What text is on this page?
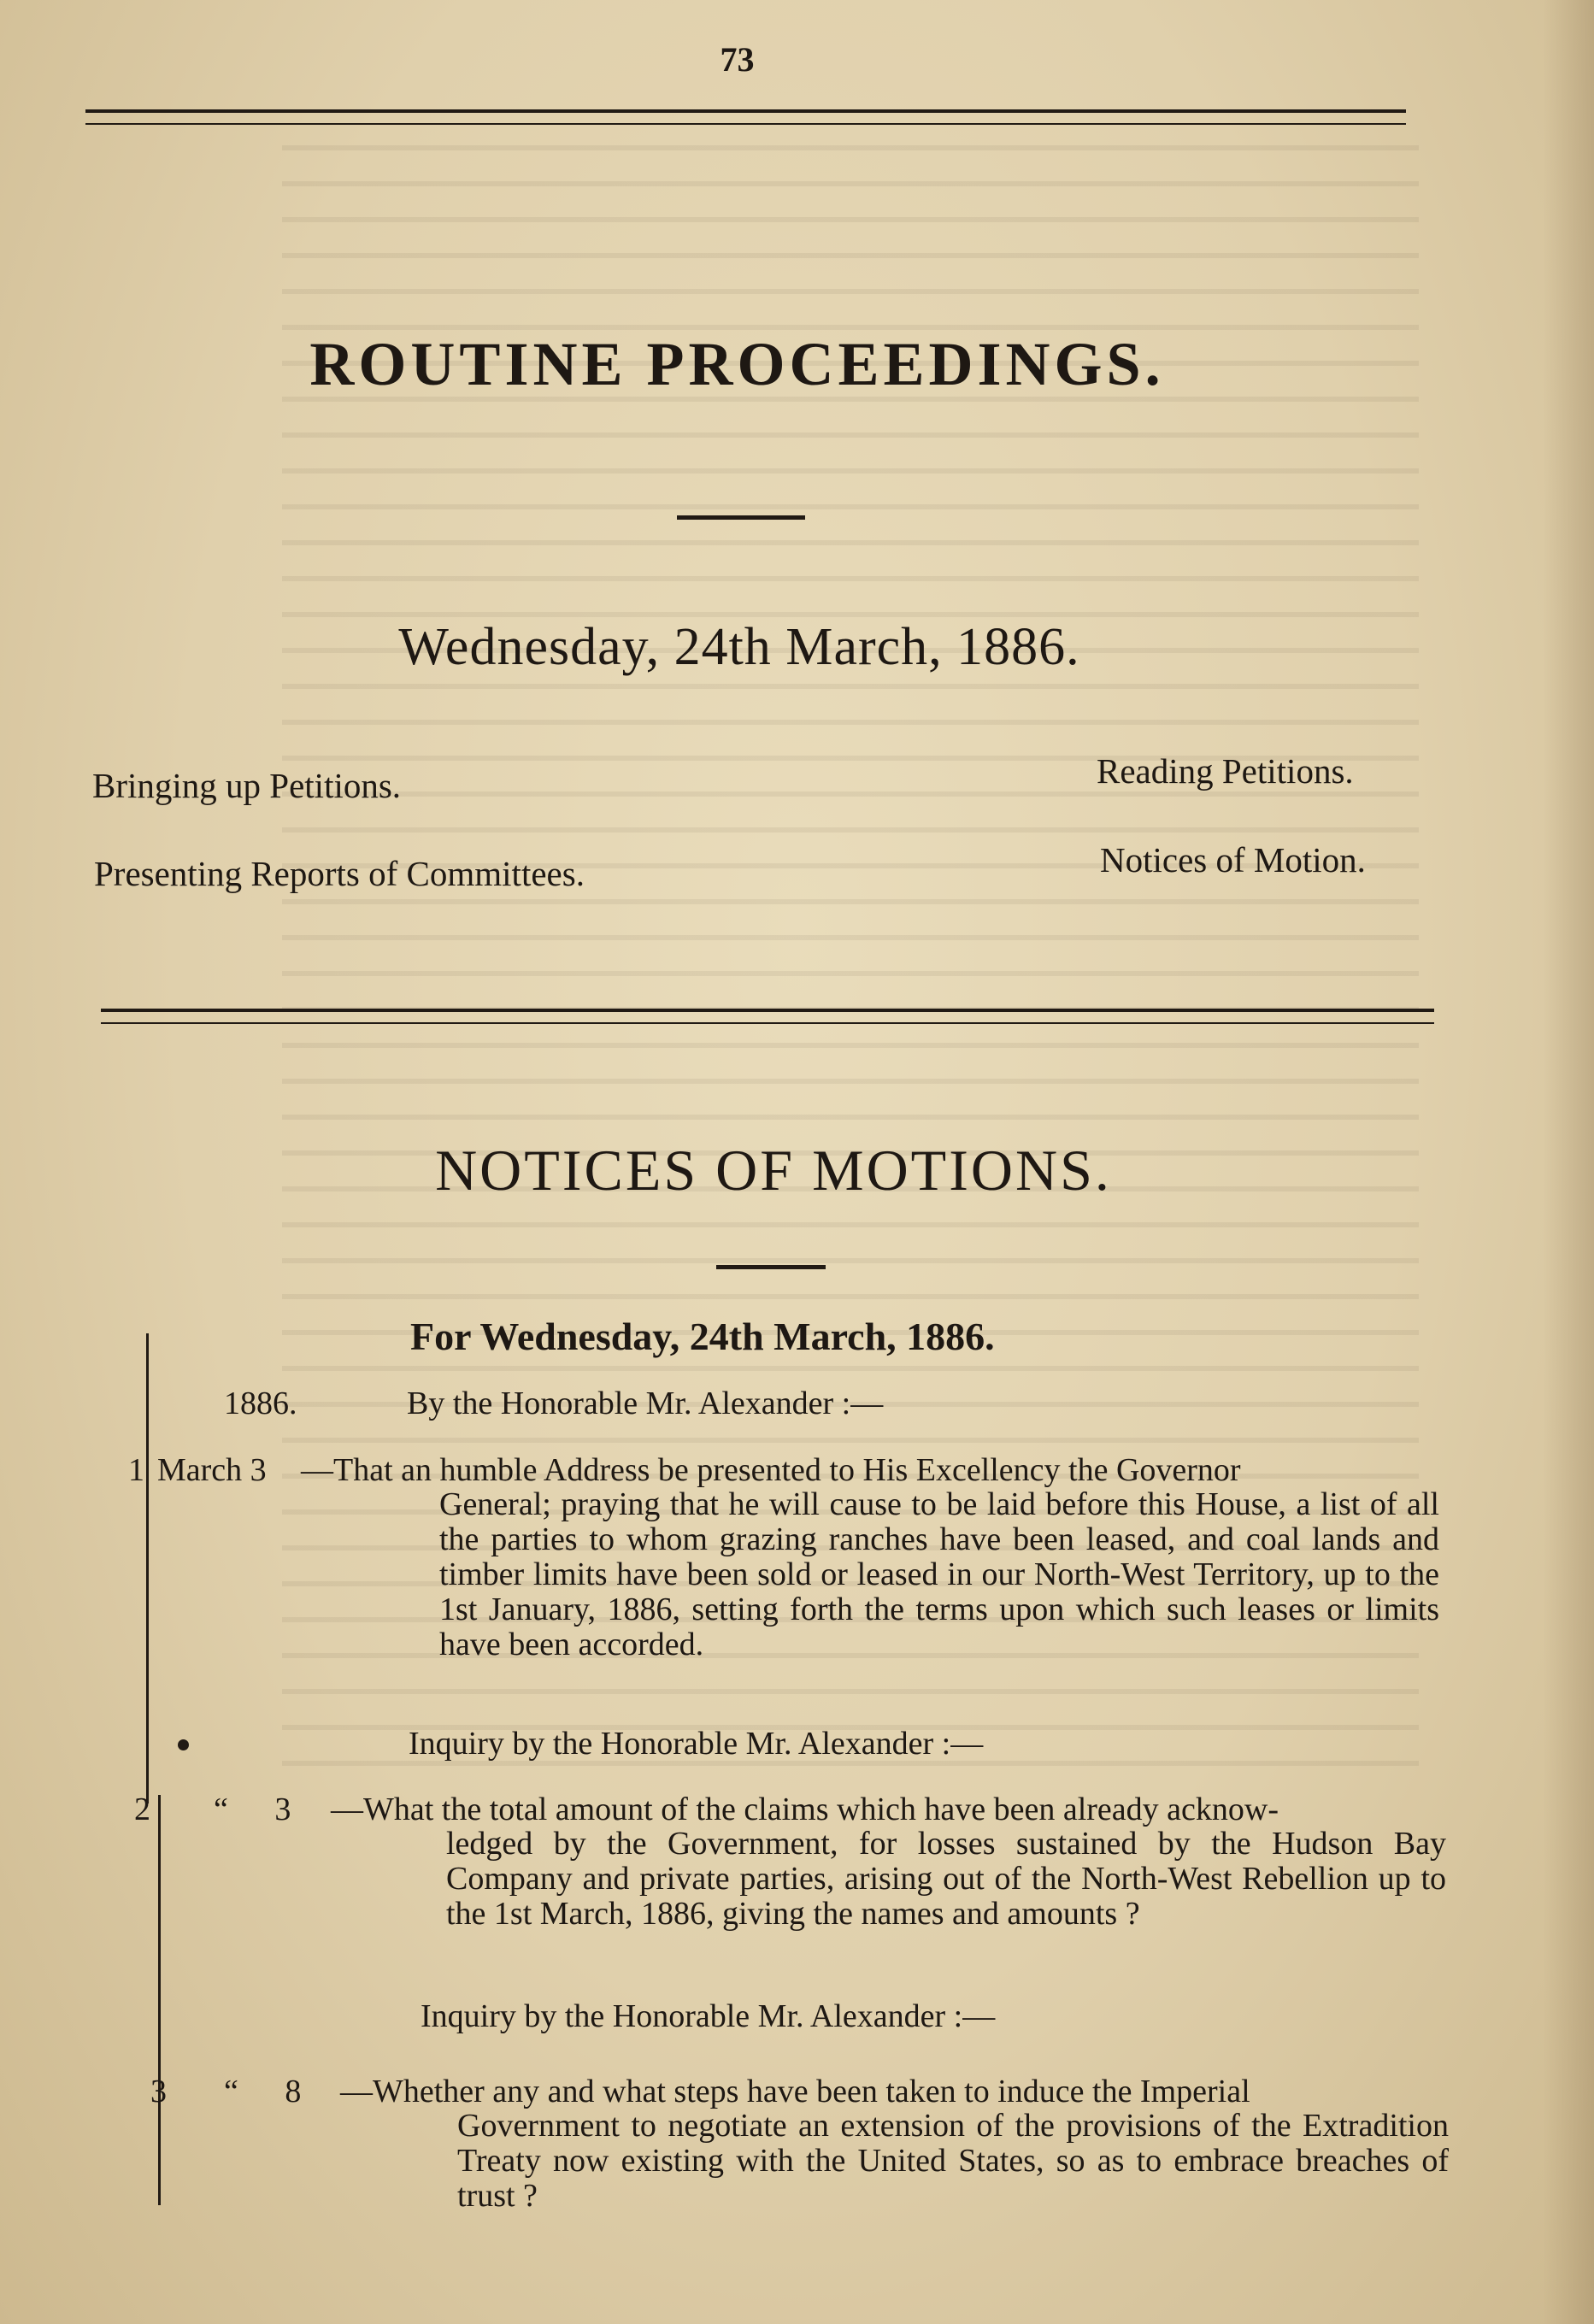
73
ROUTINE PROCEEDINGS.
Wednesday, 24th March, 1886.
Bringing up Petitions.	Reading Petitions.
Presenting Reports of Committees.	Notices of Motion.
NOTICES OF MOTIONS.
For Wednesday, 24th March, 1886.
1886.	By the Honorable Mr. Alexander :—
1 March 3 —That an humble Address be presented to His Excellency the Governor
General; praying that he will cause to be laid before this House, a list of all the parties to whom grazing ranches have been leased, and coal lands and timber limits have been sold or leased in our North-West Territory, up to the 1st January, 1886, setting forth the terms upon which such leases or limits have been accorded.
Inquiry by the Honorable Mr. Alexander :—
2 “ 3 —What the total amount of the claims which have been already acknow-
ledged by the Government, for losses sustained by the Hudson Bay Company and private parties, arising out of the North-West Rebellion up to the 1st March, 1886, giving the names and amounts ?
Inquiry by the Honorable Mr. Alexander :—
3 “ 8 —Whether any and what steps have been taken to induce the Imperial
Government to negotiate an extension of the provisions of the Extradition Treaty now existing with the United States, so as to embrace breaches of trust ?
